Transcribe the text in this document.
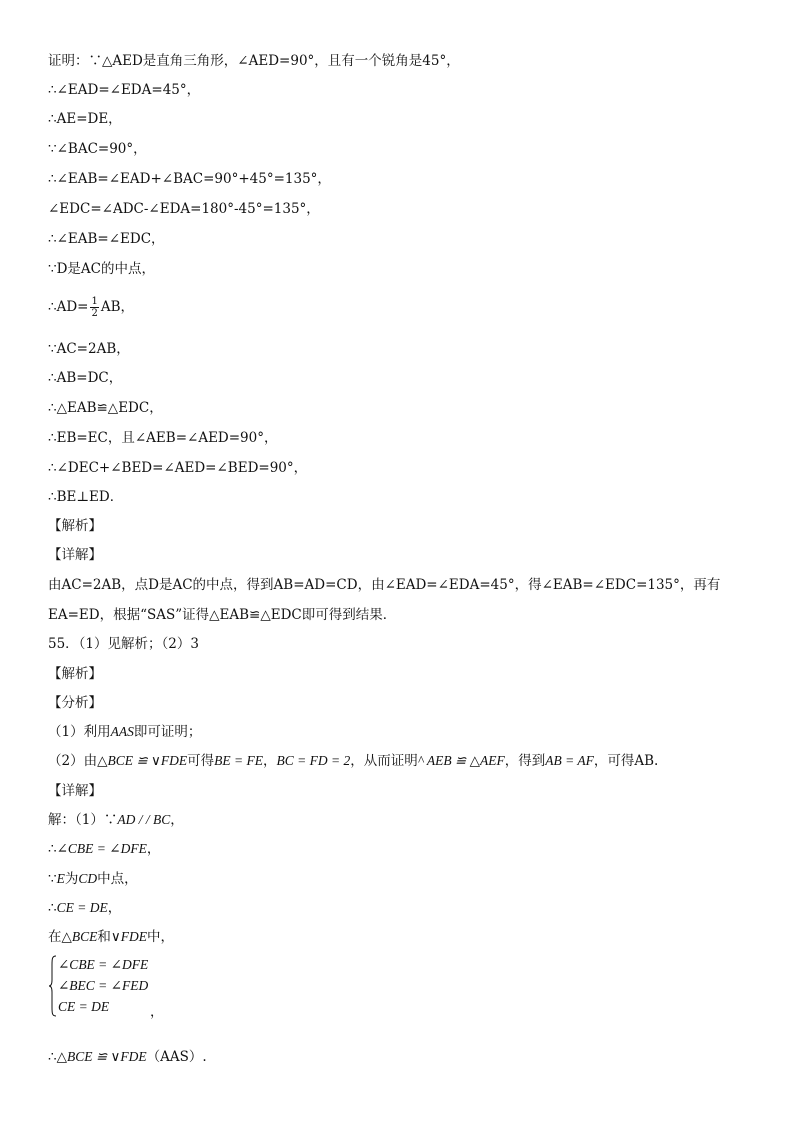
证明：∵△AED是直角三角形，∠AED=90°，且有一个锐角是45°，
∴∠EAD=∠EDA=45°，
∴AE=DE，
∵∠BAC=90°，
∴∠EAB=∠EAD+∠BAC=90°+45°=135°，
∠EDC=∠ADC-∠EDA=180°-45°=135°，
∴∠EAB=∠EDC，
∵D是AC的中点，
∴AD= $\frac{1}{2}$ AB，
∵AC=2AB，
∴AB=DC，
∴△EAB≌△EDC，
∴EB=EC，且∠AEB=∠AED=90°，
∴∠DEC+∠BED=∠AED=∠BED=90°，
∴BE⊥ED．
【解析】
【详解】
由AC=2AB，点D是AC的中点，得到AB=AD=CD，由∠EAD=∠EDA=45°，得∠EAB=∠EDC=135°，再有
EA=ED，根据“SAS”证得△EAB≌△EDC即可得到结果．
55．（1）见解析；（2）3
【解析】
【分析】
（1）利用AAS即可证明；
（2）由△BCE ≌ ∨FDE可得BE = FE，BC = FD = 2，从而证明^ AEB ≌ △AEF，得到AB = AF，可得AB.
【详解】
解：（1）∵AD / / BC，
∴∠CBE = ∠DFE，
∵E为CD中点，
∴CE = DE，
在△BCE和∨FDE中，
∠CBE = ∠DFE
∠BEC = ∠FED
CE = DE	，
∴△BCE ≌ ∨FDE（AAS）.
